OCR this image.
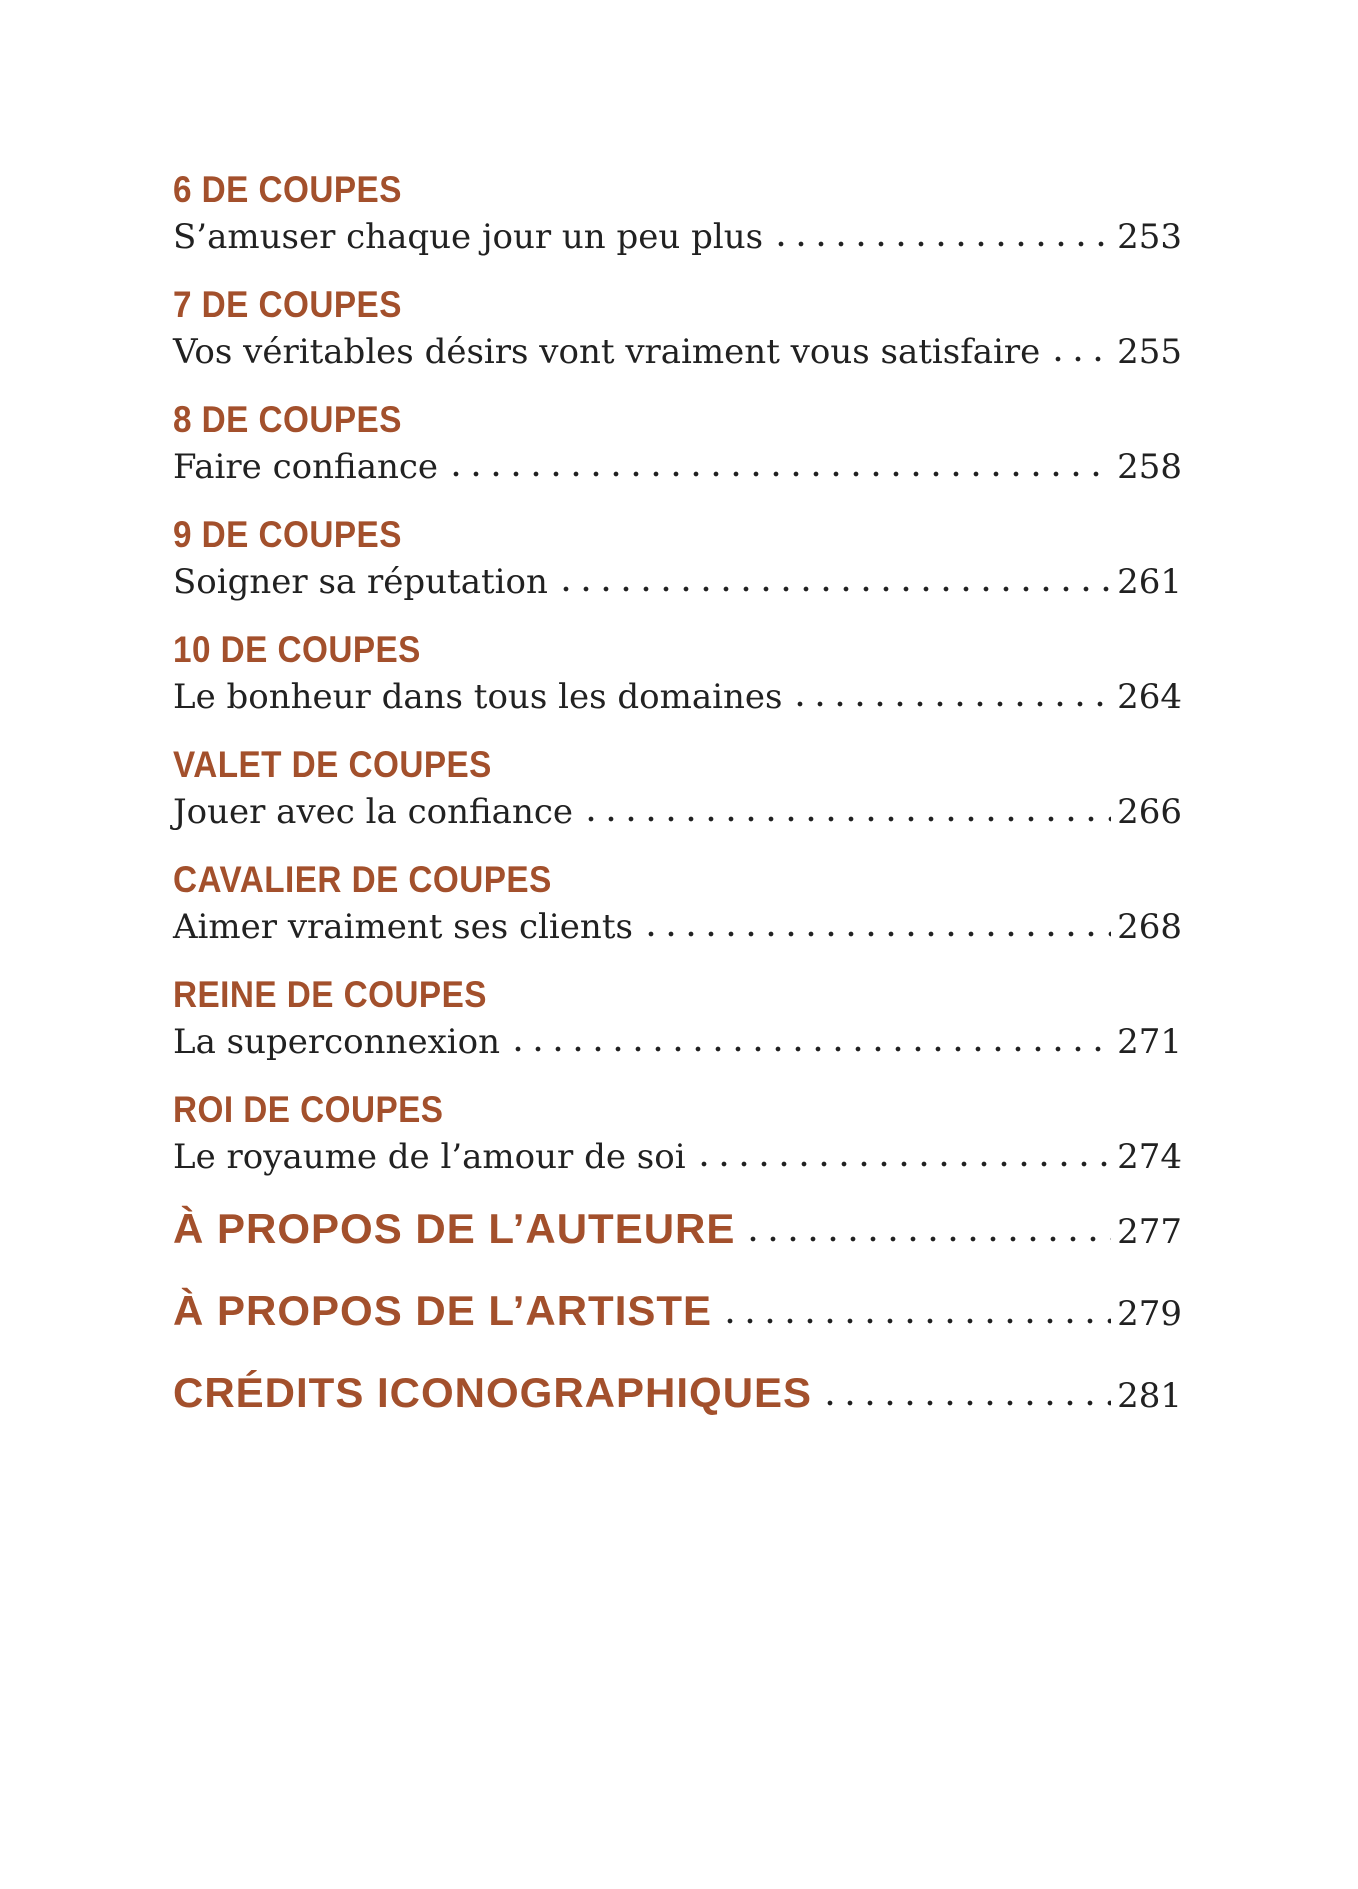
6 DE COUPES
S’amuser chaque jour un peu plus	253
7 DE COUPES
Vos véritables désirs vont vraiment vous satisfaire 255
8 DE COUPES
Faire confiance	258
9 DE COUPES
Soigner sa réputation	261
10 DE COUPES
Le bonheur dans tous les domaines	264
VALET DE COUPES
Jouer avec la confiance	266
CAVALIER DE COUPES
Aimer vraiment ses clients	268
REINE DE COUPES
La superconnexion	271
ROI DE COUPES
Le royaume de l’amour de soi	274
À PROPOS DE L’AUTEURE	277
À PROPOS DE L’ARTISTE	279
CRÉDITS ICONOGRAPHIQUES	281
